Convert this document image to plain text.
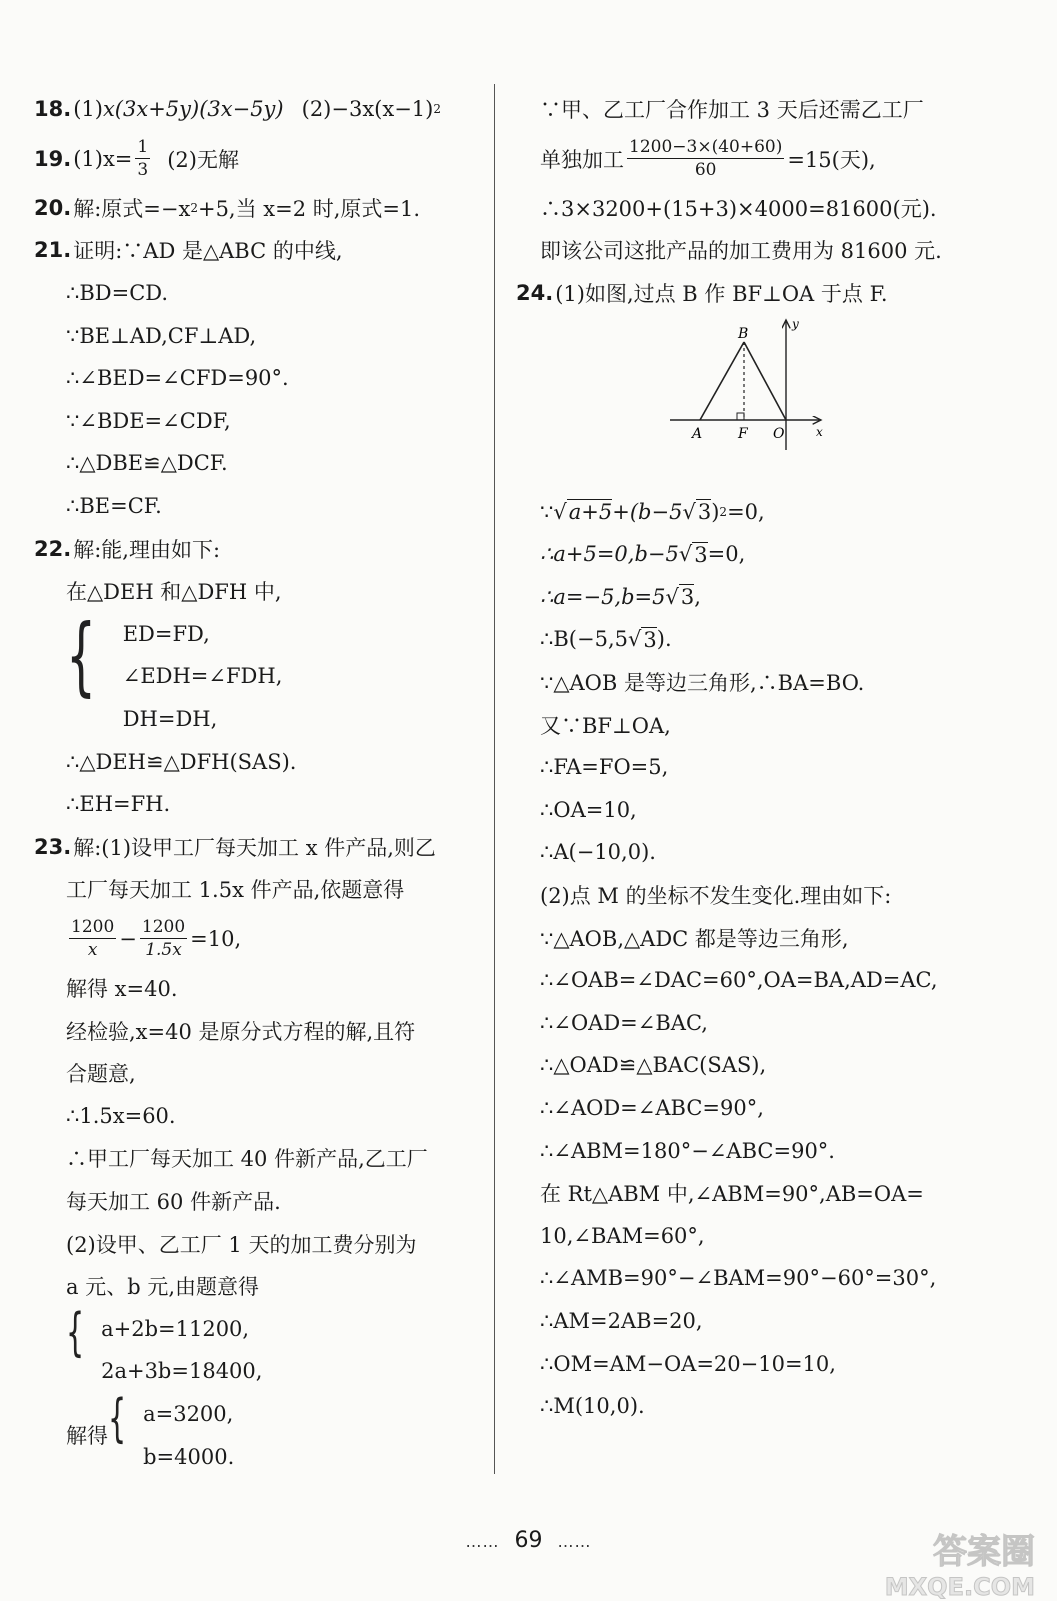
18. (1) x(3x+5y)(3x−5y) (2)−3x(x−1) 2
19. $(1)x= \frac{1}{3} (2)$无解
20. 解:原式=−x 2 +5,当 x=2 时,原式=1.
21. 证明:∵AD 是△ABC 的中线,
∴BD=CD.
∵BE⊥AD,CF⊥AD,
∴∠BED=∠CFD=90°.
∵∠BDE=∠CDF,
∴△DBE≌△DCF.
∴BE=CF.
22. 解:能,理由如下:
在△DEH 和△DFH 中,
{ ED=FD,
∠EDH=∠FDH,
DH=DH,
∴△DEH≌△DFH(SAS).
∴EH=FH.
23. 解:(1)设甲工厂每天加工 x 件产品,则乙
工厂每天加工 1.5x 件产品,依题意得
$\frac{1200}{x} - \frac{1200}{1.5x} =10$,
解得 x=40.
经检验,x=40 是原分式方程的解,且符
合题意,
∴1.5x=60.
∴甲工厂每天加工 40 件新产品,乙工厂
每天加工 60 件新产品.
(2)设甲、乙工厂 1 天的加工费分别为
a 元、b 元,由题意得
{ a+2b=11200,
2a+3b=18400,
解得 { a=3200,
b=4000.
∵甲、乙工厂合作加工 3 天后还需乙工厂
单独加工 $\frac{1200-3\times(40+60)}{60} =15$(天),
∴3×3200+(15+3)×4000=81600(元).
即该公司这批产品的加工费用为 81600 元.
24. (1)如图,过点 B 作 BF⊥OA 于点 F.
B
y
A	F O	x
∵ √ a+5 +(b−5 √ 3 ) 2 =0,
∴a+5=0,b−5 √ 3 =0,
∴a=−5,b=5 √ 3 ,
∴B(−5,5 √ 3 ).
∵△AOB 是等边三角形,∴BA=BO.
又∵BF⊥OA,
∴FA=FO=5,
∴OA=10,
∴A(−10,0).
(2)点 M 的坐标不发生变化.理由如下:
∵△AOB,△ADC 都是等边三角形,
∴∠OAB=∠DAC=60°,OA=BA,AD=AC,
∴∠OAD=∠BAC,
∴△OAD≌△BAC(SAS),
∴∠AOD=∠ABC=90°,
∴∠ABM=180°−∠ABC=90°.
在 Rt△ABM 中,∠ABM=90°,AB=OA=
10,∠BAM=60°,
∴∠AMB=90°−∠BAM=90°−60°=30°,
∴AM=2AB=20,
∴OM=AM−OA=20−10=10,
∴M(10,0).
…… 69 ……	答案圈
MXQE.COM
